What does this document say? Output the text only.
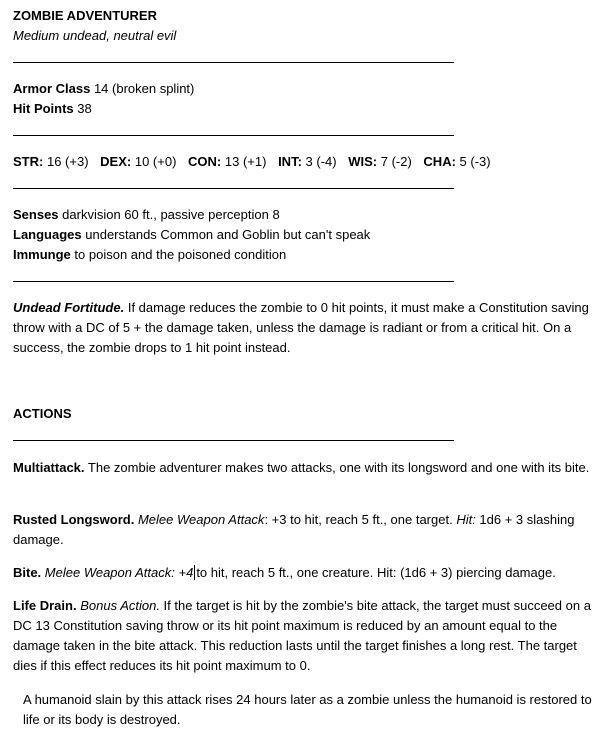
ZOMBIE ADVENTURER
Medium undead, neutral evil
Armor Class 14 (broken splint)
Hit Points 38
STR: 16 (+3) DEX: 10 (+0) CON: 13 (+1) INT: 3 (-4) WIS: 7 (-2) CHA: 5 (-3)
Senses darkvision 60 ft., passive perception 8
Languages understands Common and Goblin but can't speak
Immunge to poison and the poisoned condition
Undead Fortitude. If damage reduces the zombie to 0 hit points, it must make a Constitution saving throw with a DC of 5 + the damage taken, unless the damage is radiant or from a critical hit. On a success, the zombie drops to 1 hit point instead.
ACTIONS
Multiattack. The zombie adventurer makes two attacks, one with its longsword and one with its bite.
Rusted Longsword. Melee Weapon Attack: +3 to hit, reach 5 ft., one target. Hit: 1d6 + 3 slashing damage.
Bite. Melee Weapon Attack: +4 to hit, reach 5 ft., one creature. Hit: (1d6 + 3) piercing damage.
Life Drain. Bonus Action. If the target is hit by the zombie's bite attack, the target must succeed on a DC 13 Constitution saving throw or its hit point maximum is reduced by an amount equal to the damage taken in the bite attack. This reduction lasts until the target finishes a long rest. The target dies if this effect reduces its hit point maximum to 0.
A humanoid slain by this attack rises 24 hours later as a zombie unless the humanoid is restored to life or its body is destroyed.
